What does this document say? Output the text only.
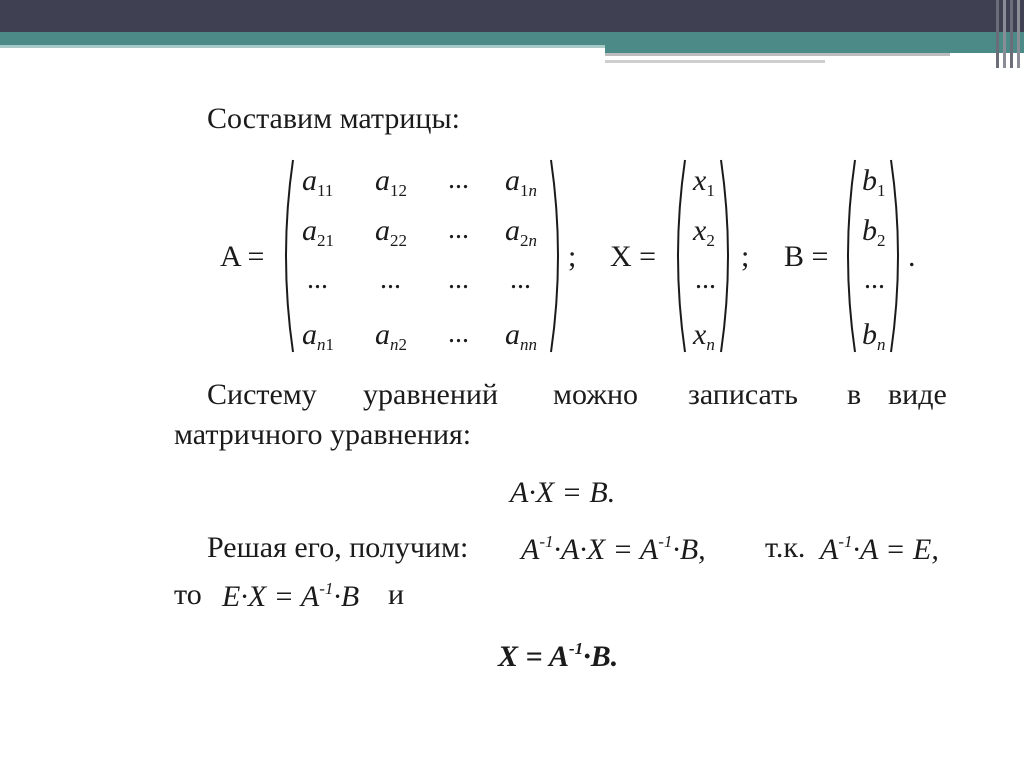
Составим матрицы:
A =
$a_{11}$ $a_{12}$ ... $a_{1n}$
$a_{21}$ $a_{22}$ ... $a_{2n}$
... ... ... ...
$a_{n1}$ $a_{n2}$ ... $a_{nn}$
; X =
$x_1$
$x_2$
...
$x_n$
; B =
$b_1$
$b_2$
...
$b_n$
.
Систему уравнений можно записать в виде
матричного уравнения:
A·X = B.
Решая его, получим: $A^{-1}\cdot A\cdot X = A^{-1}\cdot B$, т.к. $A^{-1}\cdot A = E$,
то $E\cdot X = A^{-1}\cdot B$ и
$X = A^{-1}\cdot B$.
